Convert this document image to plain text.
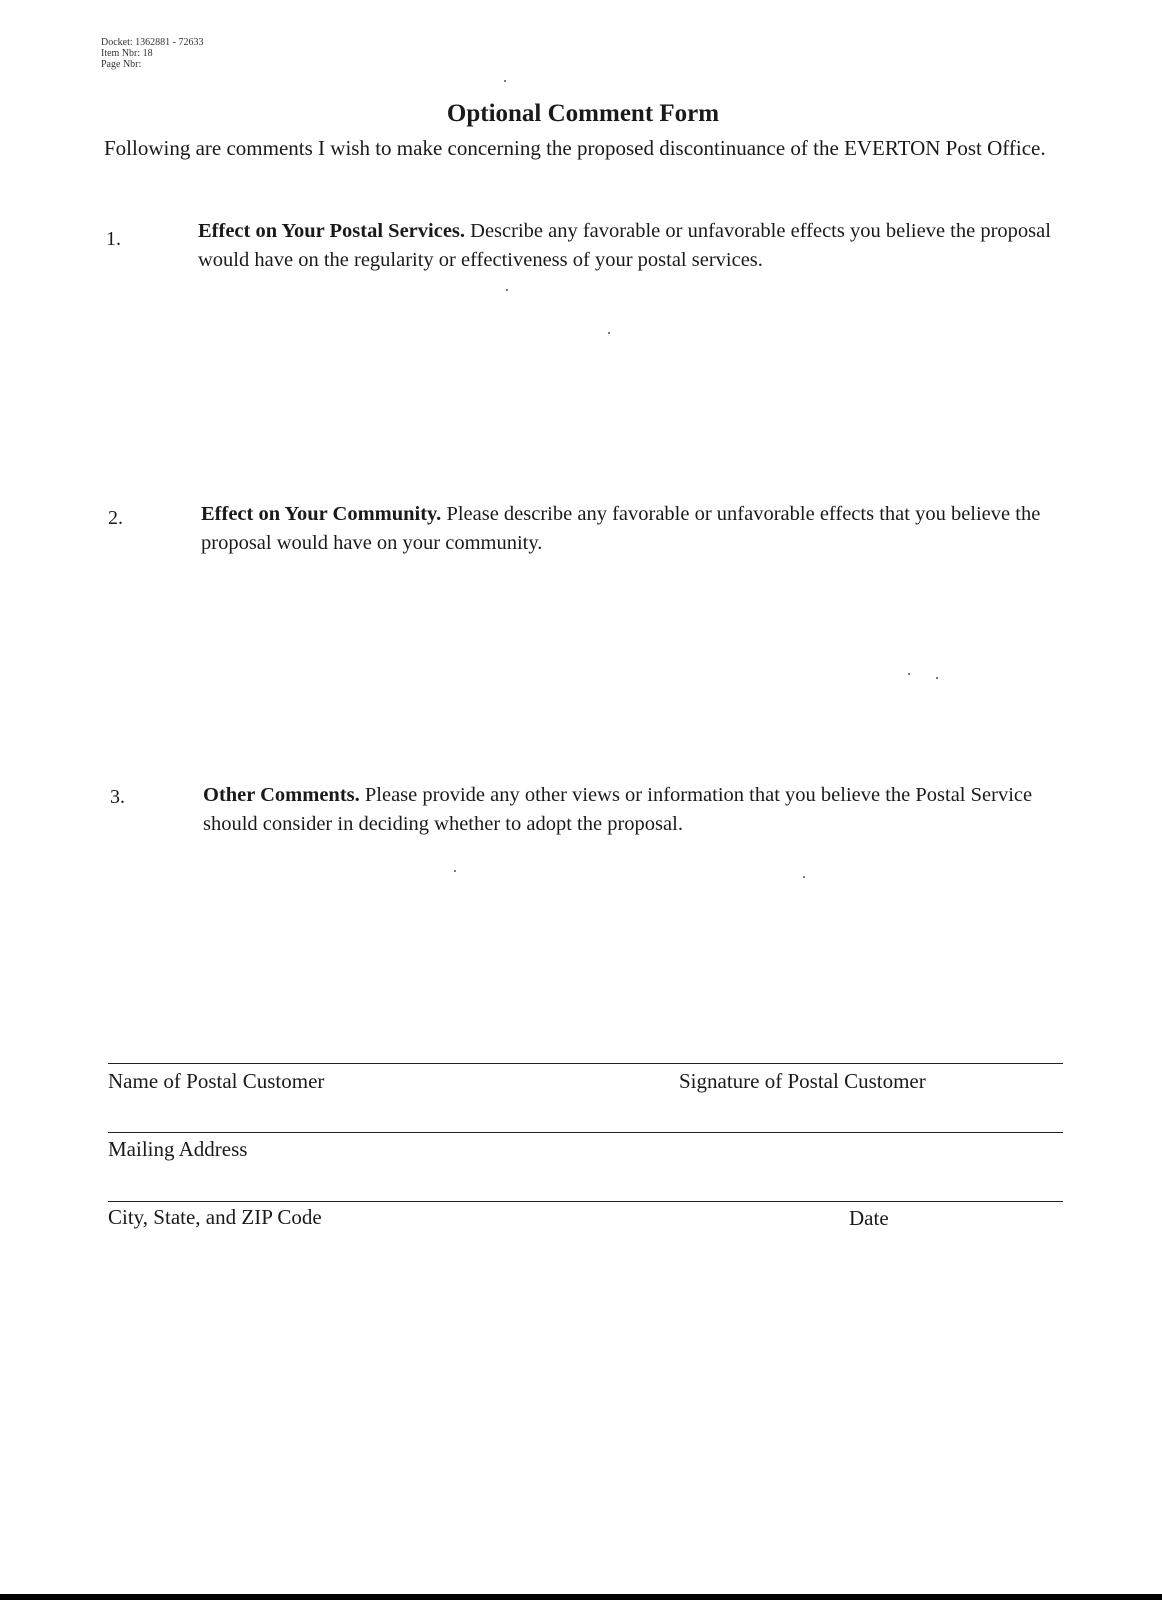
Docket: 1362881 - 72633
Item Nbr: 18
Page Nbr:
Optional Comment Form
Following are comments I wish to make concerning the proposed discontinuance of the EVERTON Post Office.
1.	Effect on Your Postal Services. Describe any favorable or unfavorable effects you believe the proposal would have on the regularity or effectiveness of your postal services.
2.	Effect on Your Community. Please describe any favorable or unfavorable effects that you believe the proposal would have on your community.
3.	Other Comments. Please provide any other views or information that you believe the Postal Service should consider in deciding whether to adopt the proposal.
Name of Postal Customer	Signature of Postal Customer
Mailing Address
City, State, and ZIP Code	Date
